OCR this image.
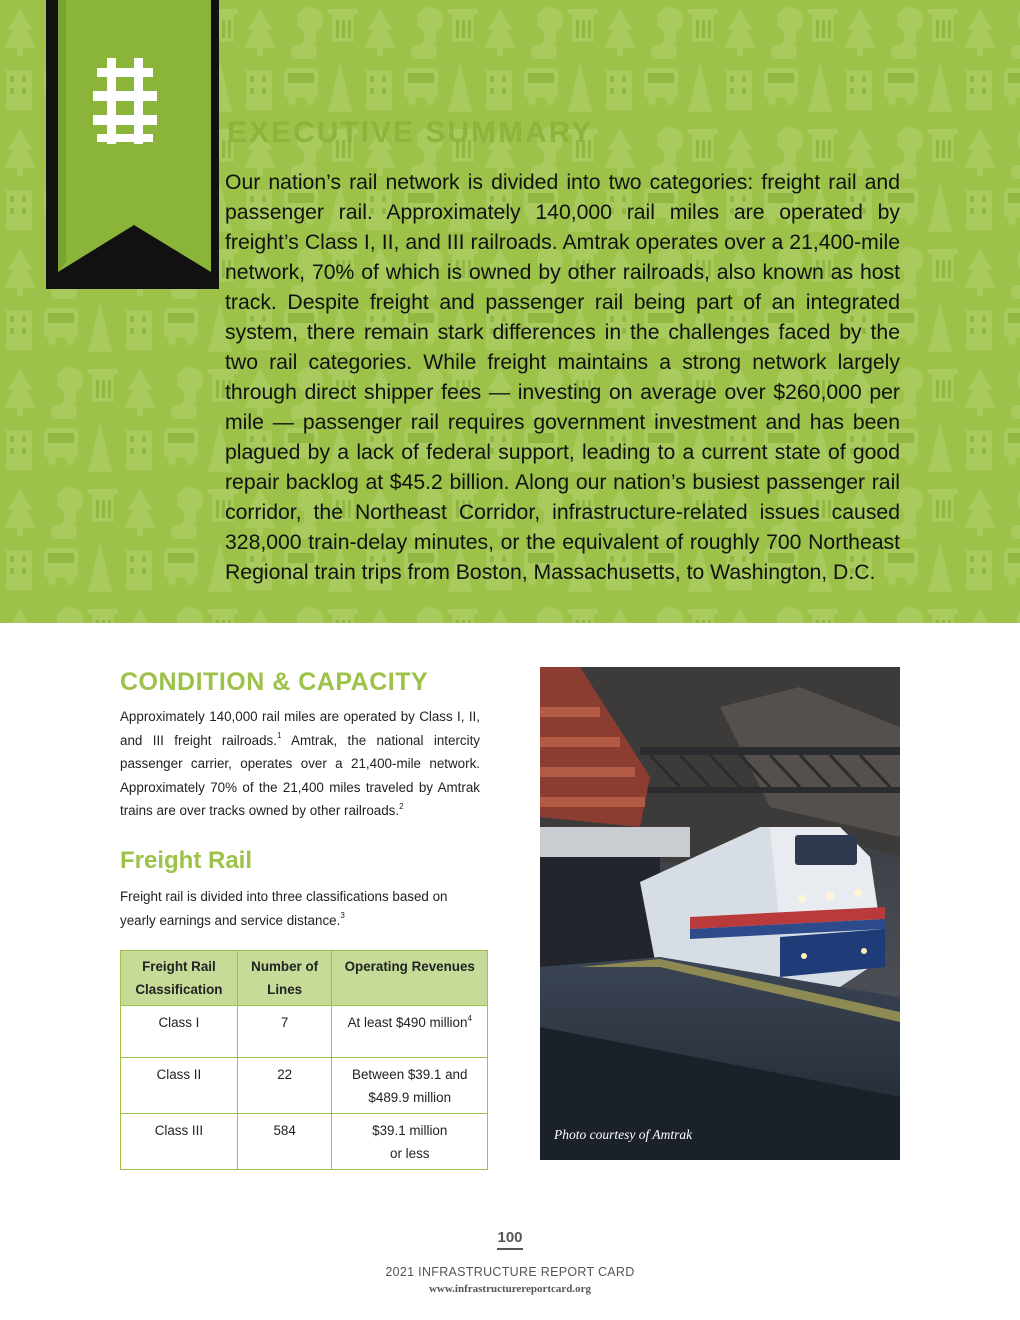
EXECUTIVE SUMMARY

Our nation’s rail network is divided into two categories: freight rail and passenger rail. Approximately 140,000 rail miles are operated by freight’s Class I, II, and III railroads. Amtrak operates over a 21,400-mile network, 70% of which is owned by other railroads, also known as host track. Despite freight and passenger rail being part of an integrated system, there remain stark differences in the challenges faced by the two rail categories. While freight maintains a strong network largely through direct shipper fees — investing on average over $260,000 per mile — passenger rail requires government investment and has been plagued by a lack of federal support, leading to a current state of good repair backlog at $45.2 billion. Along our nation’s busiest passenger rail corridor, the Northeast Corridor, infrastructure-related issues caused 328,000 train-delay minutes, or the equivalent of roughly 700 Northeast Regional train trips from Boston, Massachusetts, to Washington, D.C.

CONDITION & CAPACITY

Approximately 140,000 rail miles are operated by Class I, II, and III freight railroads.$^1$ Amtrak, the national intercity passenger carrier, operates over a 21,400-mile network. Approximately 70% of the 21,400 miles traveled by Amtrak trains are over tracks owned by other railroads.$^2$

Freight Rail

Freight rail is divided into three classifications based on yearly earnings and service distance.$^3$

Freight Rail Classification	Number of Lines	Operating Revenues
Class I	7	At least $490 million$^4$
Class II	22	Between $39.1 and $489.9 million
Class III	584	$39.1 million or less
Photo courtesy of Amtrak
100
2021 INFRASTRUCTURE REPORT CARD
www.infrastructurereportcard.org
